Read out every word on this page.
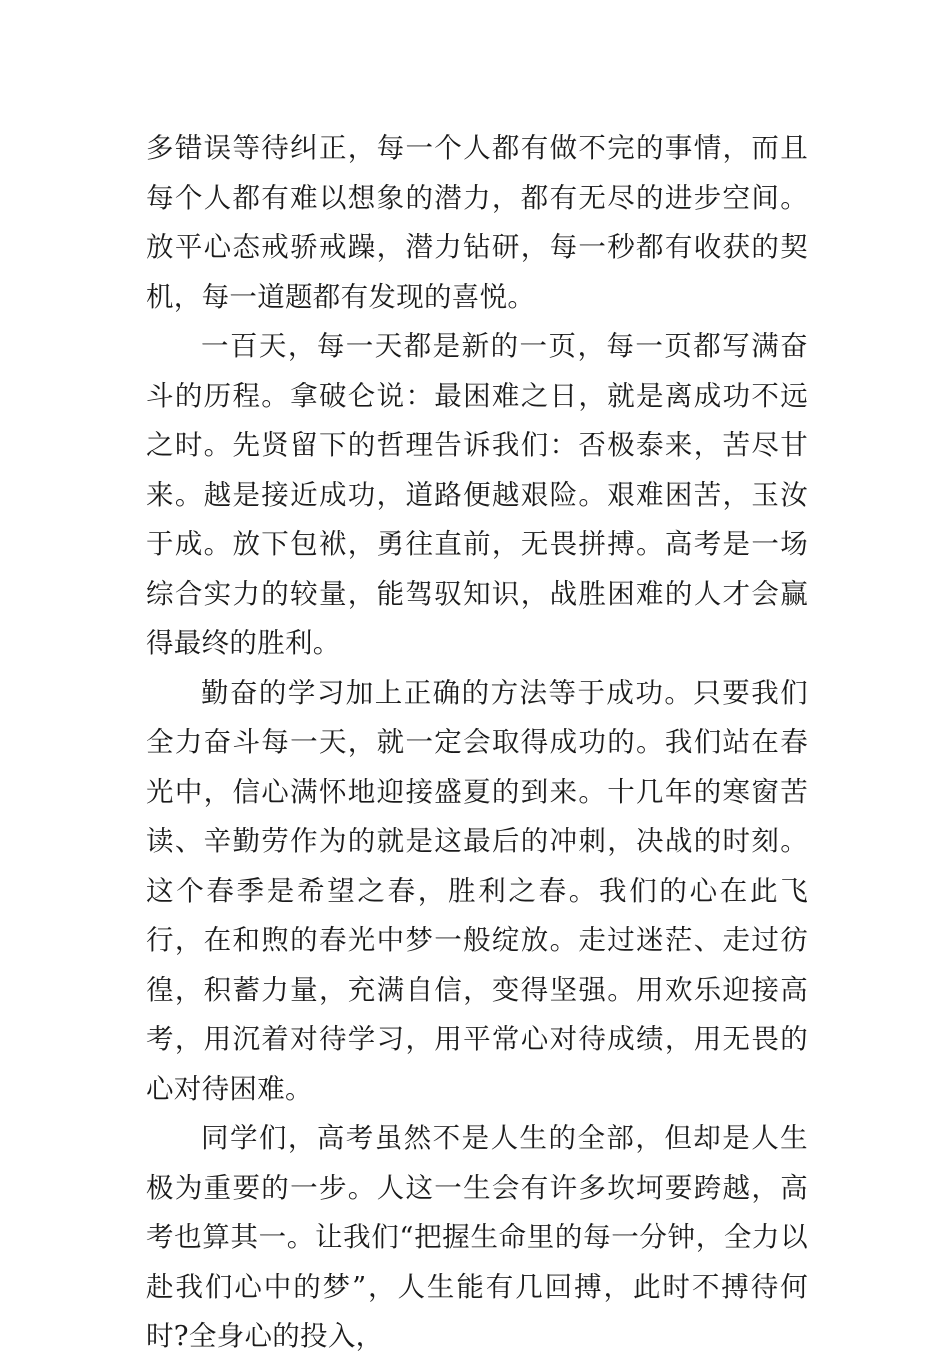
多错误等待纠正，每一个人都有做不完的事情，而且每个人都有难以想象的潜力，都有无尽的进步空间。放平心态戒骄戒躁，潜力钻研，每一秒都有收获的契机，每一道题都有发现的喜悦。

一百天，每一天都是新的一页，每一页都写满奋斗的历程。拿破仑说：最困难之日，就是离成功不远之时。先贤留下的哲理告诉我们：否极泰来，苦尽甘来。越是接近成功，道路便越艰险。艰难困苦，玉汝于成。放下包袱，勇往直前，无畏拼搏。高考是一场综合实力的较量，能驾驭知识，战胜困难的人才会赢得最终的胜利。

勤奋的学习加上正确的方法等于成功。只要我们全力奋斗每一天，就一定会取得成功的。我们站在春光中，信心满怀地迎接盛夏的到来。十几年的寒窗苦读、辛勤劳作为的就是这最后的冲刺，决战的时刻。这个春季是希望之春，胜利之春。我们的心在此飞行，在和煦的春光中梦一般绽放。走过迷茫、走过彷徨，积蓄力量，充满自信，变得坚强。用欢乐迎接高考，用沉着对待学习，用平常心对待成绩，用无畏的心对待困难。

同学们，高考虽然不是人生的全部，但却是人生极为重要的一步。人这一生会有许多坎坷要跨越，高考也算其一。让我们“把握生命里的每一分钟，全力以赴我们心中的梦”，人生能有几回搏，此时不搏待何时?全身心的投入，
